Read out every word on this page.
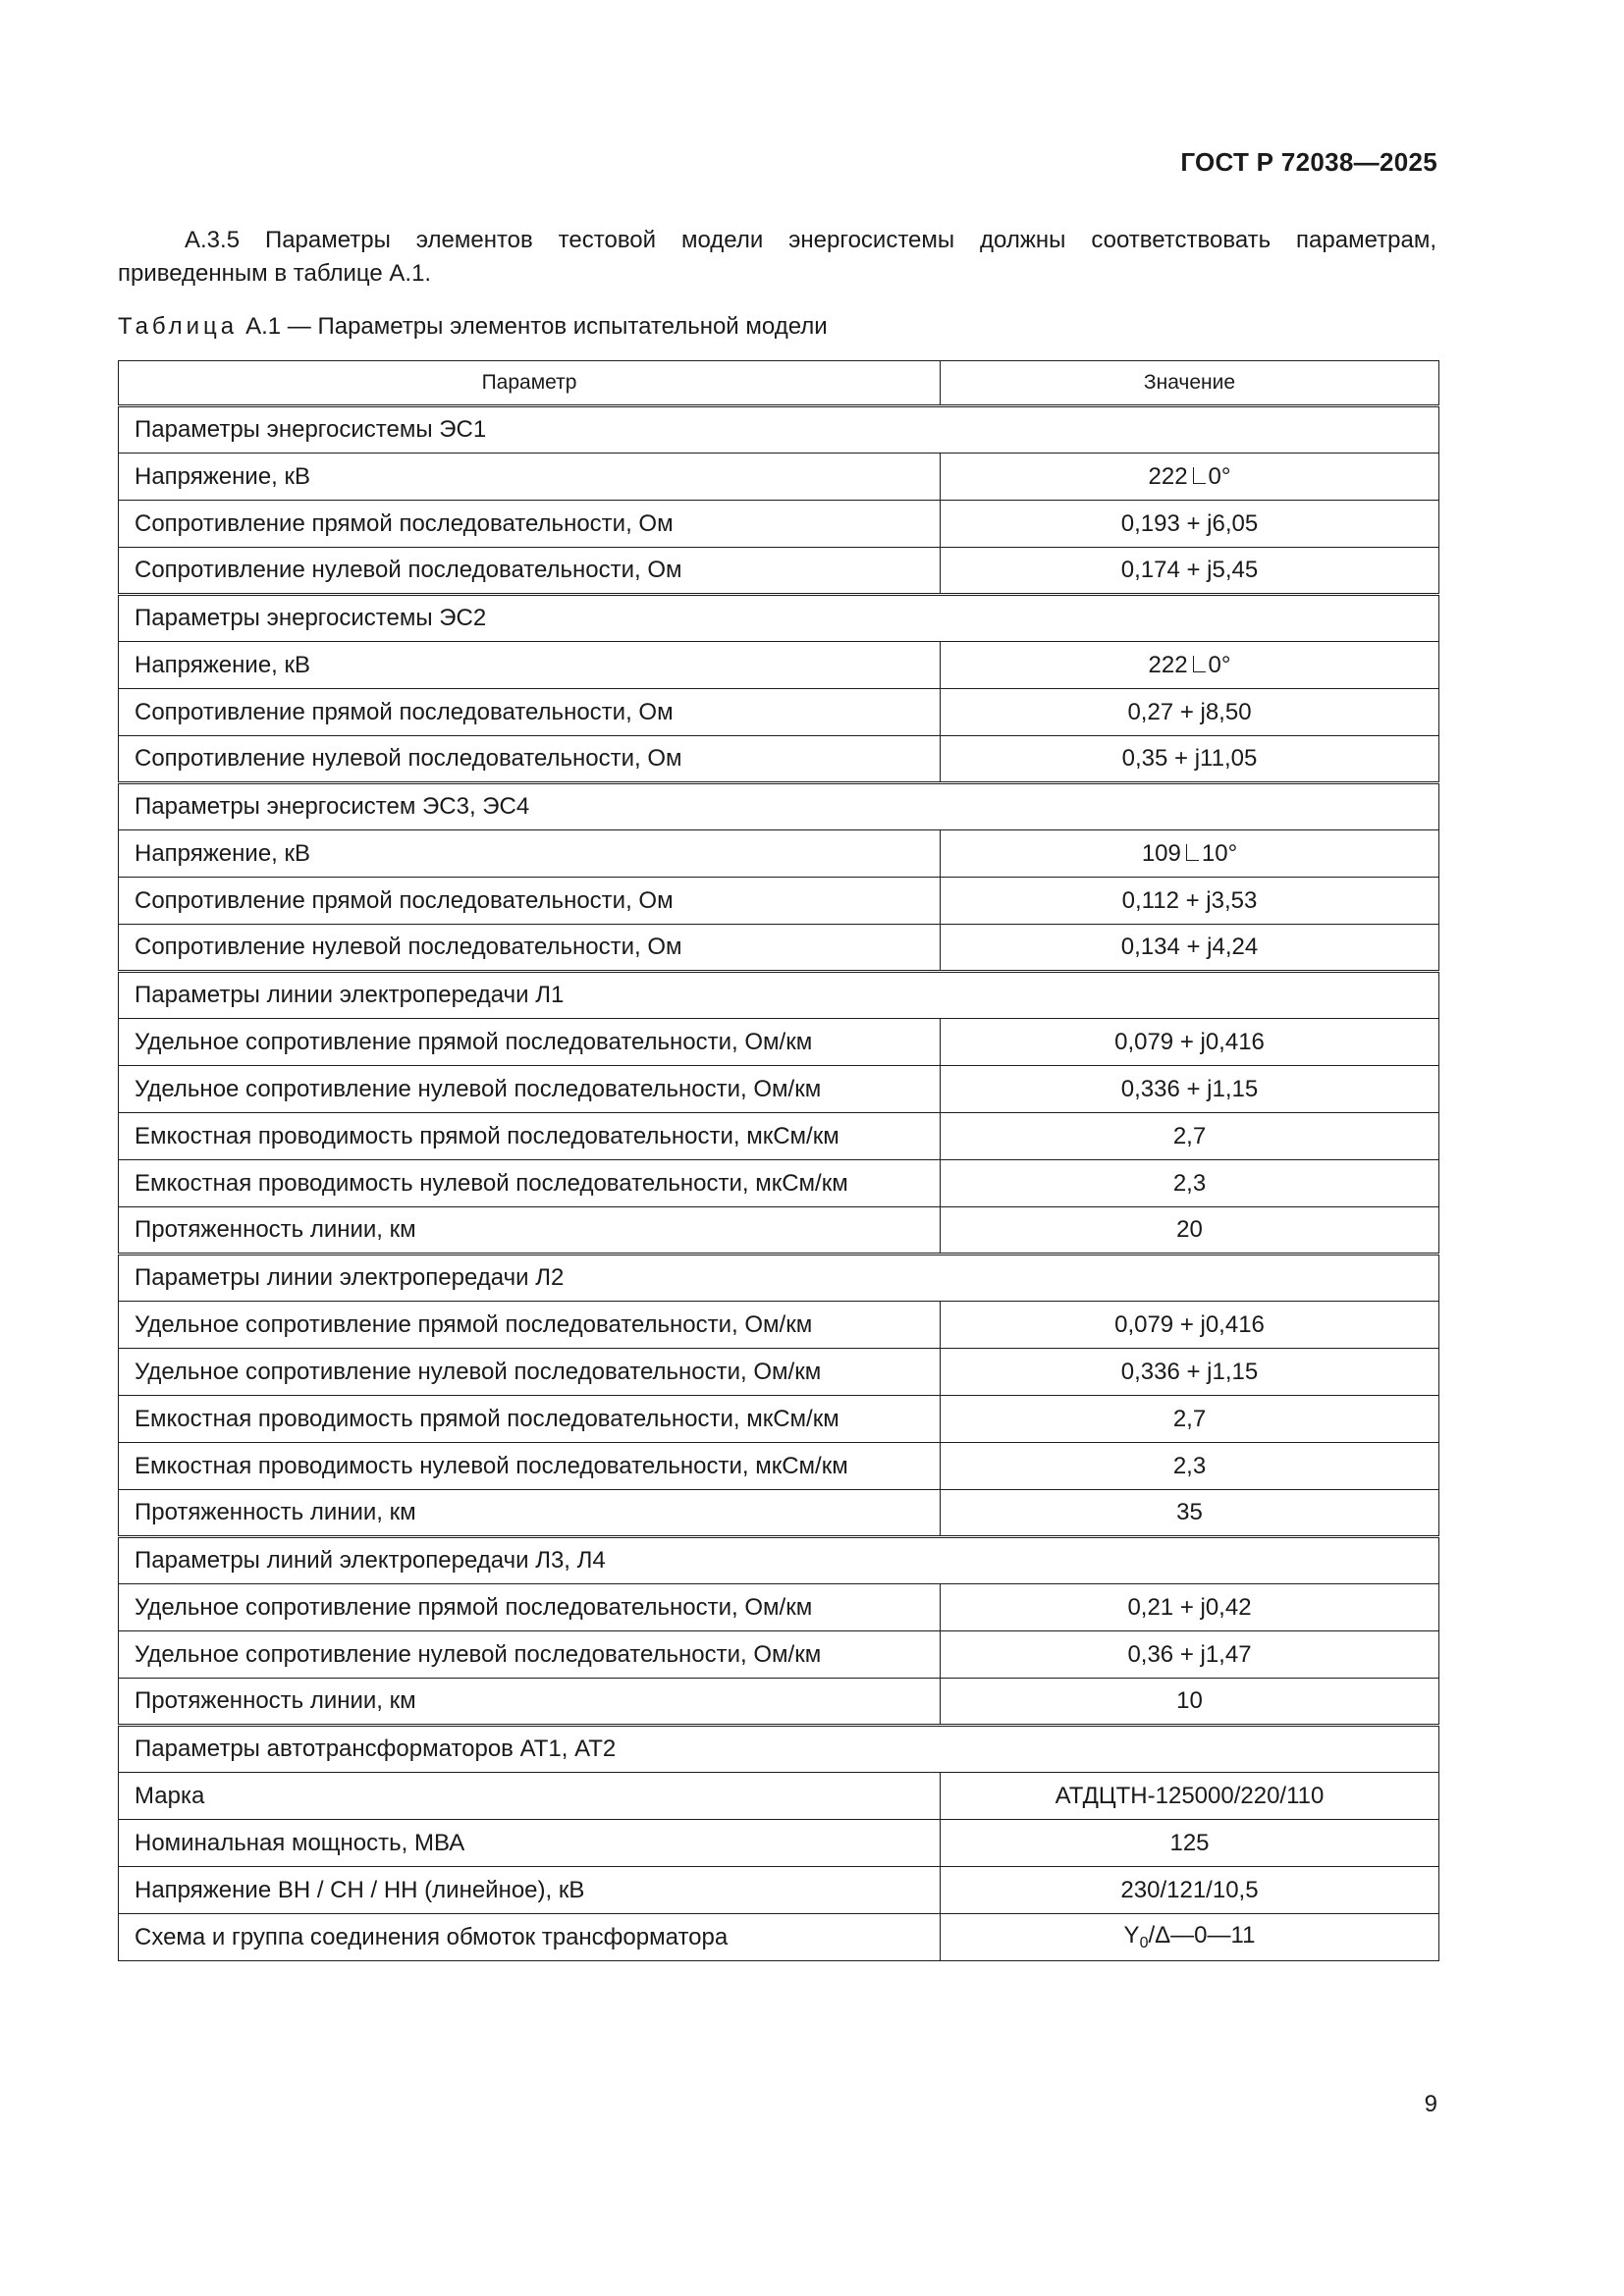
ГОСТ Р 72038—2025

А.3.5 Параметры элементов тестовой модели энергосистемы должны соответствовать параметрам, приведенным в таблице А.1.

Таблица А.1 — Параметры элементов испытательной модели

Параметр	Значение
Параметры энергосистемы ЭС1	
Напряжение, кВ	222 0°
Сопротивление прямой последовательности, Ом	0,193 + j6,05
Сопротивление нулевой последовательности, Ом	0,174 + j5,45
Параметры энергосистемы ЭС2	
Напряжение, кВ	222 0°
Сопротивление прямой последовательности, Ом	0,27 + j8,50
Сопротивление нулевой последовательности, Ом	0,35 + j11,05
Параметры энергосистем ЭС3, ЭС4	
Напряжение, кВ	109 10°
Сопротивление прямой последовательности, Ом	0,112 + j3,53
Сопротивление нулевой последовательности, Ом	0,134 + j4,24
Параметры линии электропередачи Л1	
Удельное сопротивление прямой последовательности, Ом/км	0,079 + j0,416
Удельное сопротивление нулевой последовательности, Ом/км	0,336 + j1,15
Емкостная проводимость прямой последовательности, мкСм/км	2,7
Емкостная проводимость нулевой последовательности, мкСм/км	2,3
Протяженность линии, км	20
Параметры линии электропередачи Л2	
Удельное сопротивление прямой последовательности, Ом/км	0,079 + j0,416
Удельное сопротивление нулевой последовательности, Ом/км	0,336 + j1,15
Емкостная проводимость прямой последовательности, мкСм/км	2,7
Емкостная проводимость нулевой последовательности, мкСм/км	2,3
Протяженность линии, км	35
Параметры линий электропередачи Л3, Л4	
Удельное сопротивление прямой последовательности, Ом/км	0,21 + j0,42
Удельное сопротивление нулевой последовательности, Ом/км	0,36 + j1,47
Протяженность линии, км	10
Параметры автотрансформаторов АТ1, АТ2	
Марка	АТДЦТН-125000/220/110
Номинальная мощность, МВА	125
Напряжение ВН / СН / НН (линейное), кВ	230/121/10,5
Схема и группа соединения обмоток трансформатора	$Y_0/\Delta—0—11$

9
